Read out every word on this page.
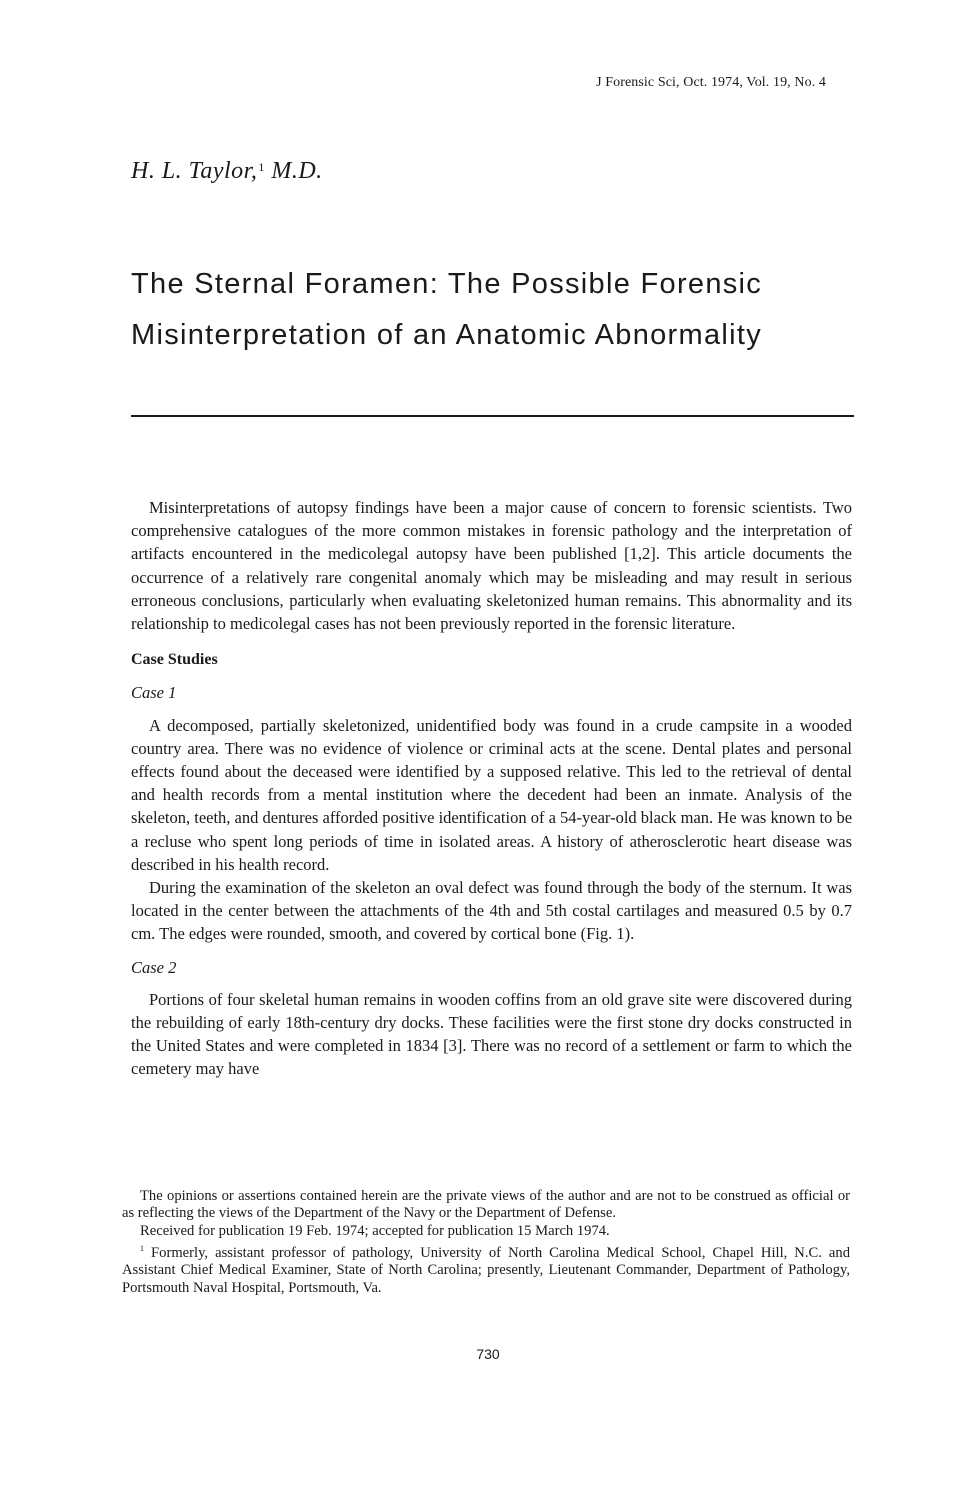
J Forensic Sci, Oct. 1974, Vol. 19, No. 4
H. L. Taylor,$^1$ M.D.
The Sternal Foramen: The Possible Forensic
Misinterpretation of an Anatomic Abnormality

Misinterpretations of autopsy findings have been a major cause of concern to forensic scientists. Two comprehensive catalogues of the more common mistakes in forensic pathology and the interpretation of artifacts encountered in the medicolegal autopsy have been published [1,2]. This article documents the occurrence of a relatively rare congenital anomaly which may be misleading and may result in serious erroneous conclusions, particularly when evaluating skeletonized human remains. This abnormality and its relationship to medicolegal cases has not been previously reported in the forensic literature.

Case Studies

Case 1

A decomposed, partially skeletonized, unidentified body was found in a crude campsite in a wooded country area. There was no evidence of violence or criminal acts at the scene. Dental plates and personal effects found about the deceased were identified by a supposed relative. This led to the retrieval of dental and health records from a mental institution where the decedent had been an inmate. Analysis of the skeleton, teeth, and dentures afforded positive identification of a 54-year-old black man. He was known to be a recluse who spent long periods of time in isolated areas. A history of atherosclerotic heart disease was described in his health record.

During the examination of the skeleton an oval defect was found through the body of the sternum. It was located in the center between the attachments of the 4th and 5th costal cartilages and measured 0.5 by 0.7 cm. The edges were rounded, smooth, and covered by cortical bone (Fig. 1).

Case 2

Portions of four skeletal human remains in wooden coffins from an old grave site were discovered during the rebuilding of early 18th-century dry docks. These facilities were the first stone dry docks constructed in the United States and were completed in 1834 [3]. There was no record of a settlement or farm to which the cemetery may have

The opinions or assertions contained herein are the private views of the author and are not to be construed as official or as reflecting the views of the Department of the Navy or the Department of Defense.

Received for publication 19 Feb. 1974; accepted for publication 15 March 1974.

$^1$ Formerly, assistant professor of pathology, University of North Carolina Medical School, Chapel Hill, N.C. and Assistant Chief Medical Examiner, State of North Carolina; presently, Lieutenant Commander, Department of Pathology, Portsmouth Naval Hospital, Portsmouth, Va.

730
